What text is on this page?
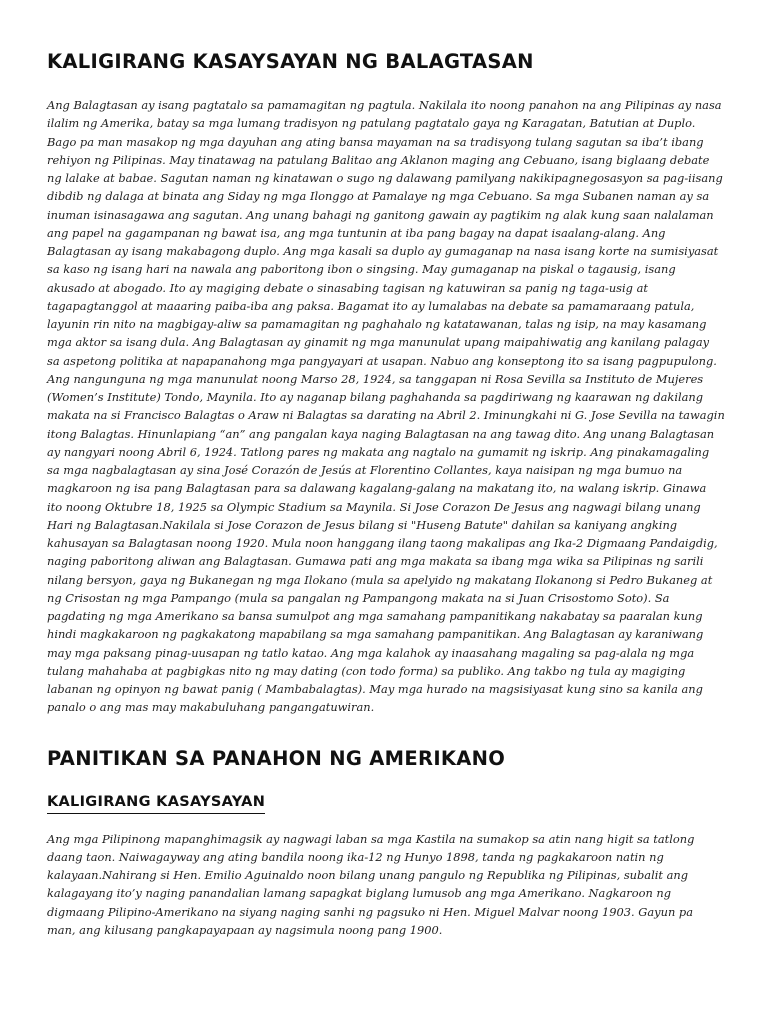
KALIGIRANG KASAYSAYAN NG BALAGTASAN

Ang Balagtasan ay isang pagtatalo sa pamamagitan ng pagtula. Nakilala ito noong panahon na ang Pilipinas ay nasa ilalim ng Amerika, batay sa mga lumang tradisyon ng patulang pagtatalo gaya ng Karagatan, Batutian at Duplo. Bago pa man masakop ng mga dayuhan ang ating bansa mayaman na sa tradisyong tulang sagutan sa iba’t ibang rehiyon ng Pilipinas. May tinatawag na patulang Balitao ang Aklanon maging ang Cebuano, isang biglaang debate ng lalake at babae. Sagutan naman ng kinatawan o sugo ng dalawang pamilyang nakikipagnegosasyon sa pag-iisang dibdib ng dalaga at binata ang Siday ng mga Ilonggo at Pamalaye ng mga Cebuano. Sa mga Subanen naman ay sa inuman isinasagawa ang sagutan. Ang unang bahagi ng ganitong gawain ay pagtikim ng alak kung saan nalalaman ang papel na gagampanan ng bawat isa, ang mga tuntunin at iba pang bagay na dapat isaalang-alang. Ang Balagtasan ay isang makabagong duplo. Ang mga kasali sa duplo ay gumaganap na nasa isang korte na sumisiyasat sa kaso ng isang hari na nawala ang paboritong ibon o singsing. May gumaganap na piskal o tagausig, isang akusado at abogado. Ito ay magiging debate o sinasabing tagisan ng katuwiran sa panig ng taga-usig at tagapagtanggol at maaaring paiba-iba ang paksa. Bagamat ito ay lumalabas na debate sa pamamaraang patula, layunin rin nito na magbigay-aliw sa pamamagitan ng paghahalo ng katatawanan, talas ng isip, na may kasamang mga aktor sa isang dula. Ang Balagtasan ay ginamit ng mga manunulat upang maipahiwatig ang kanilang palagay sa aspetong politika at napapanahong mga pangyayari at usapan. Nabuo ang konseptong ito sa isang pagpupulong. Ang nangunguna ng mga manunulat noong Marso 28, 1924, sa tanggapan ni Rosa Sevilla sa Instituto de Mujeres (Women’s Institute) Tondo, Maynila. Ito ay naganap bilang paghahanda sa pagdiriwang ng kaarawan ng dakilang makata na si Francisco Balagtas o Araw ni Balagtas sa darating na Abril 2. Iminungkahi ni G. Jose Sevilla na tawagin itong Balagtas. Hinunlapiang “an” ang pangalan kaya naging Balagtasan na ang tawag dito. Ang unang Balagtasan ay nangyari noong Abril 6, 1924. Tatlong pares ng makata ang nagtalo na gumamit ng iskrip. Ang pinakamagaling sa mga nagbalagtasan ay sina José Corazón de Jesús at Florentino Collantes, kaya naisipan ng mga bumuo na magkaroon ng isa pang Balagtasan para sa dalawang kagalang-galang na makatang ito, na walang iskrip. Ginawa ito noong Oktubre 18, 1925 sa Olympic Stadium sa Maynila. Si Jose Corazon De Jesus ang nagwagi bilang unang Hari ng Balagtasan.Nakilala si Jose Corazon de Jesus bilang si "Huseng Batute" dahilan sa kaniyang angking kahusayan sa Balagtasan noong 1920. Mula noon hanggang ilang taong makalipas ang Ika-2 Digmaang Pandaigdig, naging paboritong aliwan ang Balagtasan. Gumawa pati ang mga makata sa ibang mga wika sa Pilipinas ng sarili nilang bersyon, gaya ng Bukanegan ng mga Ilokano (mula sa apelyido ng makatang Ilokanong si Pedro Bukaneg at ng Crisostan ng mga Pampango (mula sa pangalan ng Pampangong makata na si Juan Crisostomo Soto). Sa pagdating ng mga Amerikano sa bansa sumulpot ang mga samahang pampanitikang nakabatay sa paaralan kung hindi magkakaroon ng pagkakatong mapabilang sa mga samahang pampanitikan. Ang Balagtasan ay karaniwang may mga paksang pinag-uusapan ng tatlo katao. Ang mga kalahok ay inaasahang magaling sa pag-alala ng mga tulang mahahaba at pagbigkas nito ng may dating (con todo forma) sa publiko. Ang takbo ng tula ay magiging labanan ng opinyon ng bawat panig ( Mambabalagtas). May mga hurado na magsisiyasat kung sino sa kanila ang panalo o ang mas may makabuluhang pangangatuwiran.

PANITIKAN SA PANAHON NG AMERIKANO
KALIGIRANG KASAYSAYAN

Ang mga Pilipinong mapanghimagsik ay nagwagi laban sa mga Kastila na sumakop sa atin nang higit sa tatlong daang taon. Naiwagayway ang ating bandila noong ika-12 ng Hunyo 1898, tanda ng pagkakaroon natin ng kalayaan.Nahirang si Hen. Emilio Aguinaldo noon bilang unang pangulo ng Republika ng Pilipinas, subalit ang kalagayang ito’y naging panandalian lamang sapagkat biglang lumusob ang mga Amerikano. Nagkaroon ng digmaang Pilipino-Amerikano na siyang naging sanhi ng pagsuko ni Hen. Miguel Malvar noong 1903. Gayun pa man, ang kilusang pangkapayapaan ay nagsimula noong pang 1900.
